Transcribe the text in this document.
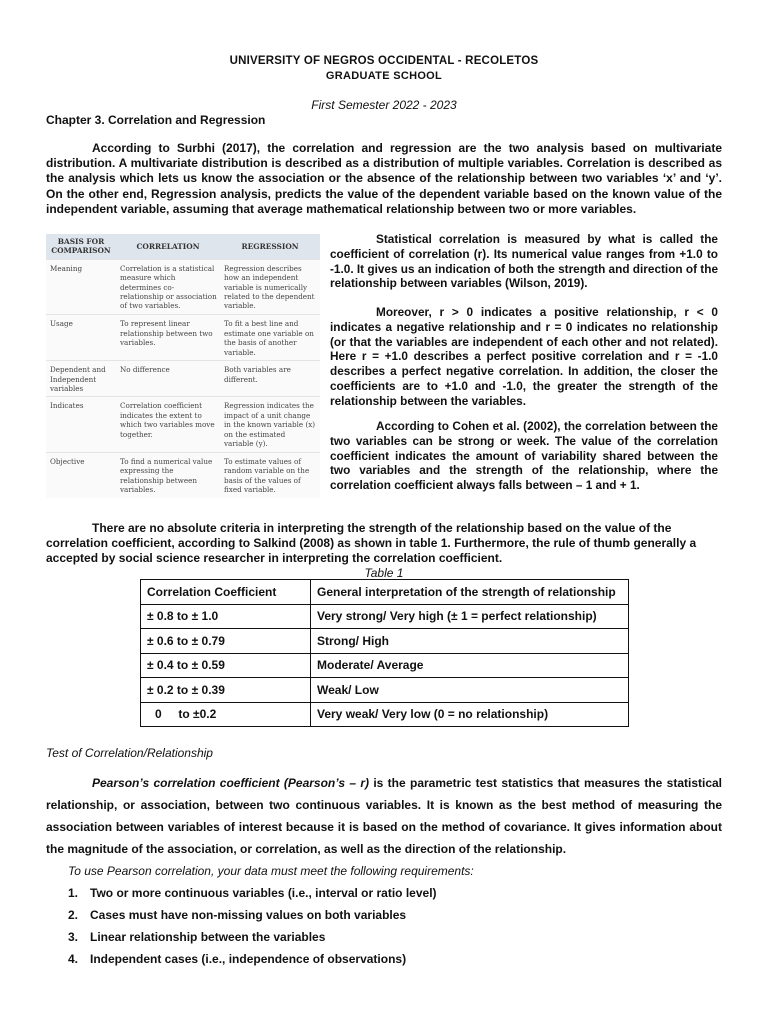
UNIVERSITY OF NEGROS OCCIDENTAL - RECOLETOS
GRADUATE SCHOOL
First Semester 2022 - 2023
Chapter 3. Correlation and Regression
According to Surbhi (2017), the correlation and regression are the two analysis based on multivariate distribution. A multivariate distribution is described as a distribution of multiple variables. Correlation is described as the analysis which lets us know the association or the absence of the relationship between two variables ‘x’ and ‘y’. On the other end, Regression analysis, predicts the value of the dependent variable based on the known value of the independent variable, assuming that average mathematical relationship between two or more variables.
BASIS FOR COMPARISON	CORRELATION	REGRESSION
Meaning	Correlation is a statistical measure which determines co-relationship or association of two variables.	Regression describes how an independent variable is numerically related to the dependent variable.
Usage	To represent linear relationship between two variables.	To fit a best line and estimate one variable on the basis of another variable.
Dependent and Independent variables	No difference	Both variables are different.
Indicates	Correlation coefficient indicates the extent to which two variables move together.	Regression indicates the impact of a unit change in the known variable (x) on the estimated variable (y).
Objective	To find a numerical value expressing the relationship between variables.	To estimate values of random variable on the basis of the values of fixed variable.
Statistical correlation is measured by what is called the coefficient of correlation (r). Its numerical value ranges from +1.0 to -1.0. It gives us an indication of both the strength and direction of the relationship between variables (Wilson, 2019).
Moreover, r > 0 indicates a positive relationship, r < 0 indicates a negative relationship and r = 0 indicates no relationship (or that the variables are independent of each other and not related). Here r = +1.0 describes a perfect positive correlation and r = -1.0 describes a perfect negative correlation. In addition, the closer the coefficients are to +1.0 and -1.0, the greater the strength of the relationship between the variables.
According to Cohen et al. (2002), the correlation between the two variables can be strong or week. The value of the correlation coefficient indicates the amount of variability shared between the two variables and the strength of the relationship, where the correlation coefficient always falls between – 1 and + 1.
There are no absolute criteria in interpreting the strength of the relationship based on the value of the correlation coefficient, according to Salkind (2008) as shown in table 1. Furthermore, the rule of thumb generally a accepted by social science researcher in interpreting the correlation coefficient.
Table 1
Correlation Coefficient	General interpretation of the strength of relationship
± 0.8 to ± 1.0	Very strong/ Very high (± 1 = perfect relationship)
± 0.6 to ± 0.79	Strong/ High
± 0.4 to ± 0.59	Moderate/ Average
± 0.2 to ± 0.39	Weak/ Low
0     to ±0.2	Very weak/ Very low (0 = no relationship)
Test of Correlation/Relationship
Pearson’s correlation coefficient (Pearson’s – r) is the parametric test statistics that measures the statistical relationship, or association, between two continuous variables. It is known as the best method of measuring the association between variables of interest because it is based on the method of covariance. It gives information about the magnitude of the association, or correlation, as well as the direction of the relationship.
To use Pearson correlation, your data must meet the following requirements:
1. Two or more continuous variables (i.e., interval or ratio level)
2. Cases must have non-missing values on both variables
3. Linear relationship between the variables
4. Independent cases (i.e., independence of observations)
